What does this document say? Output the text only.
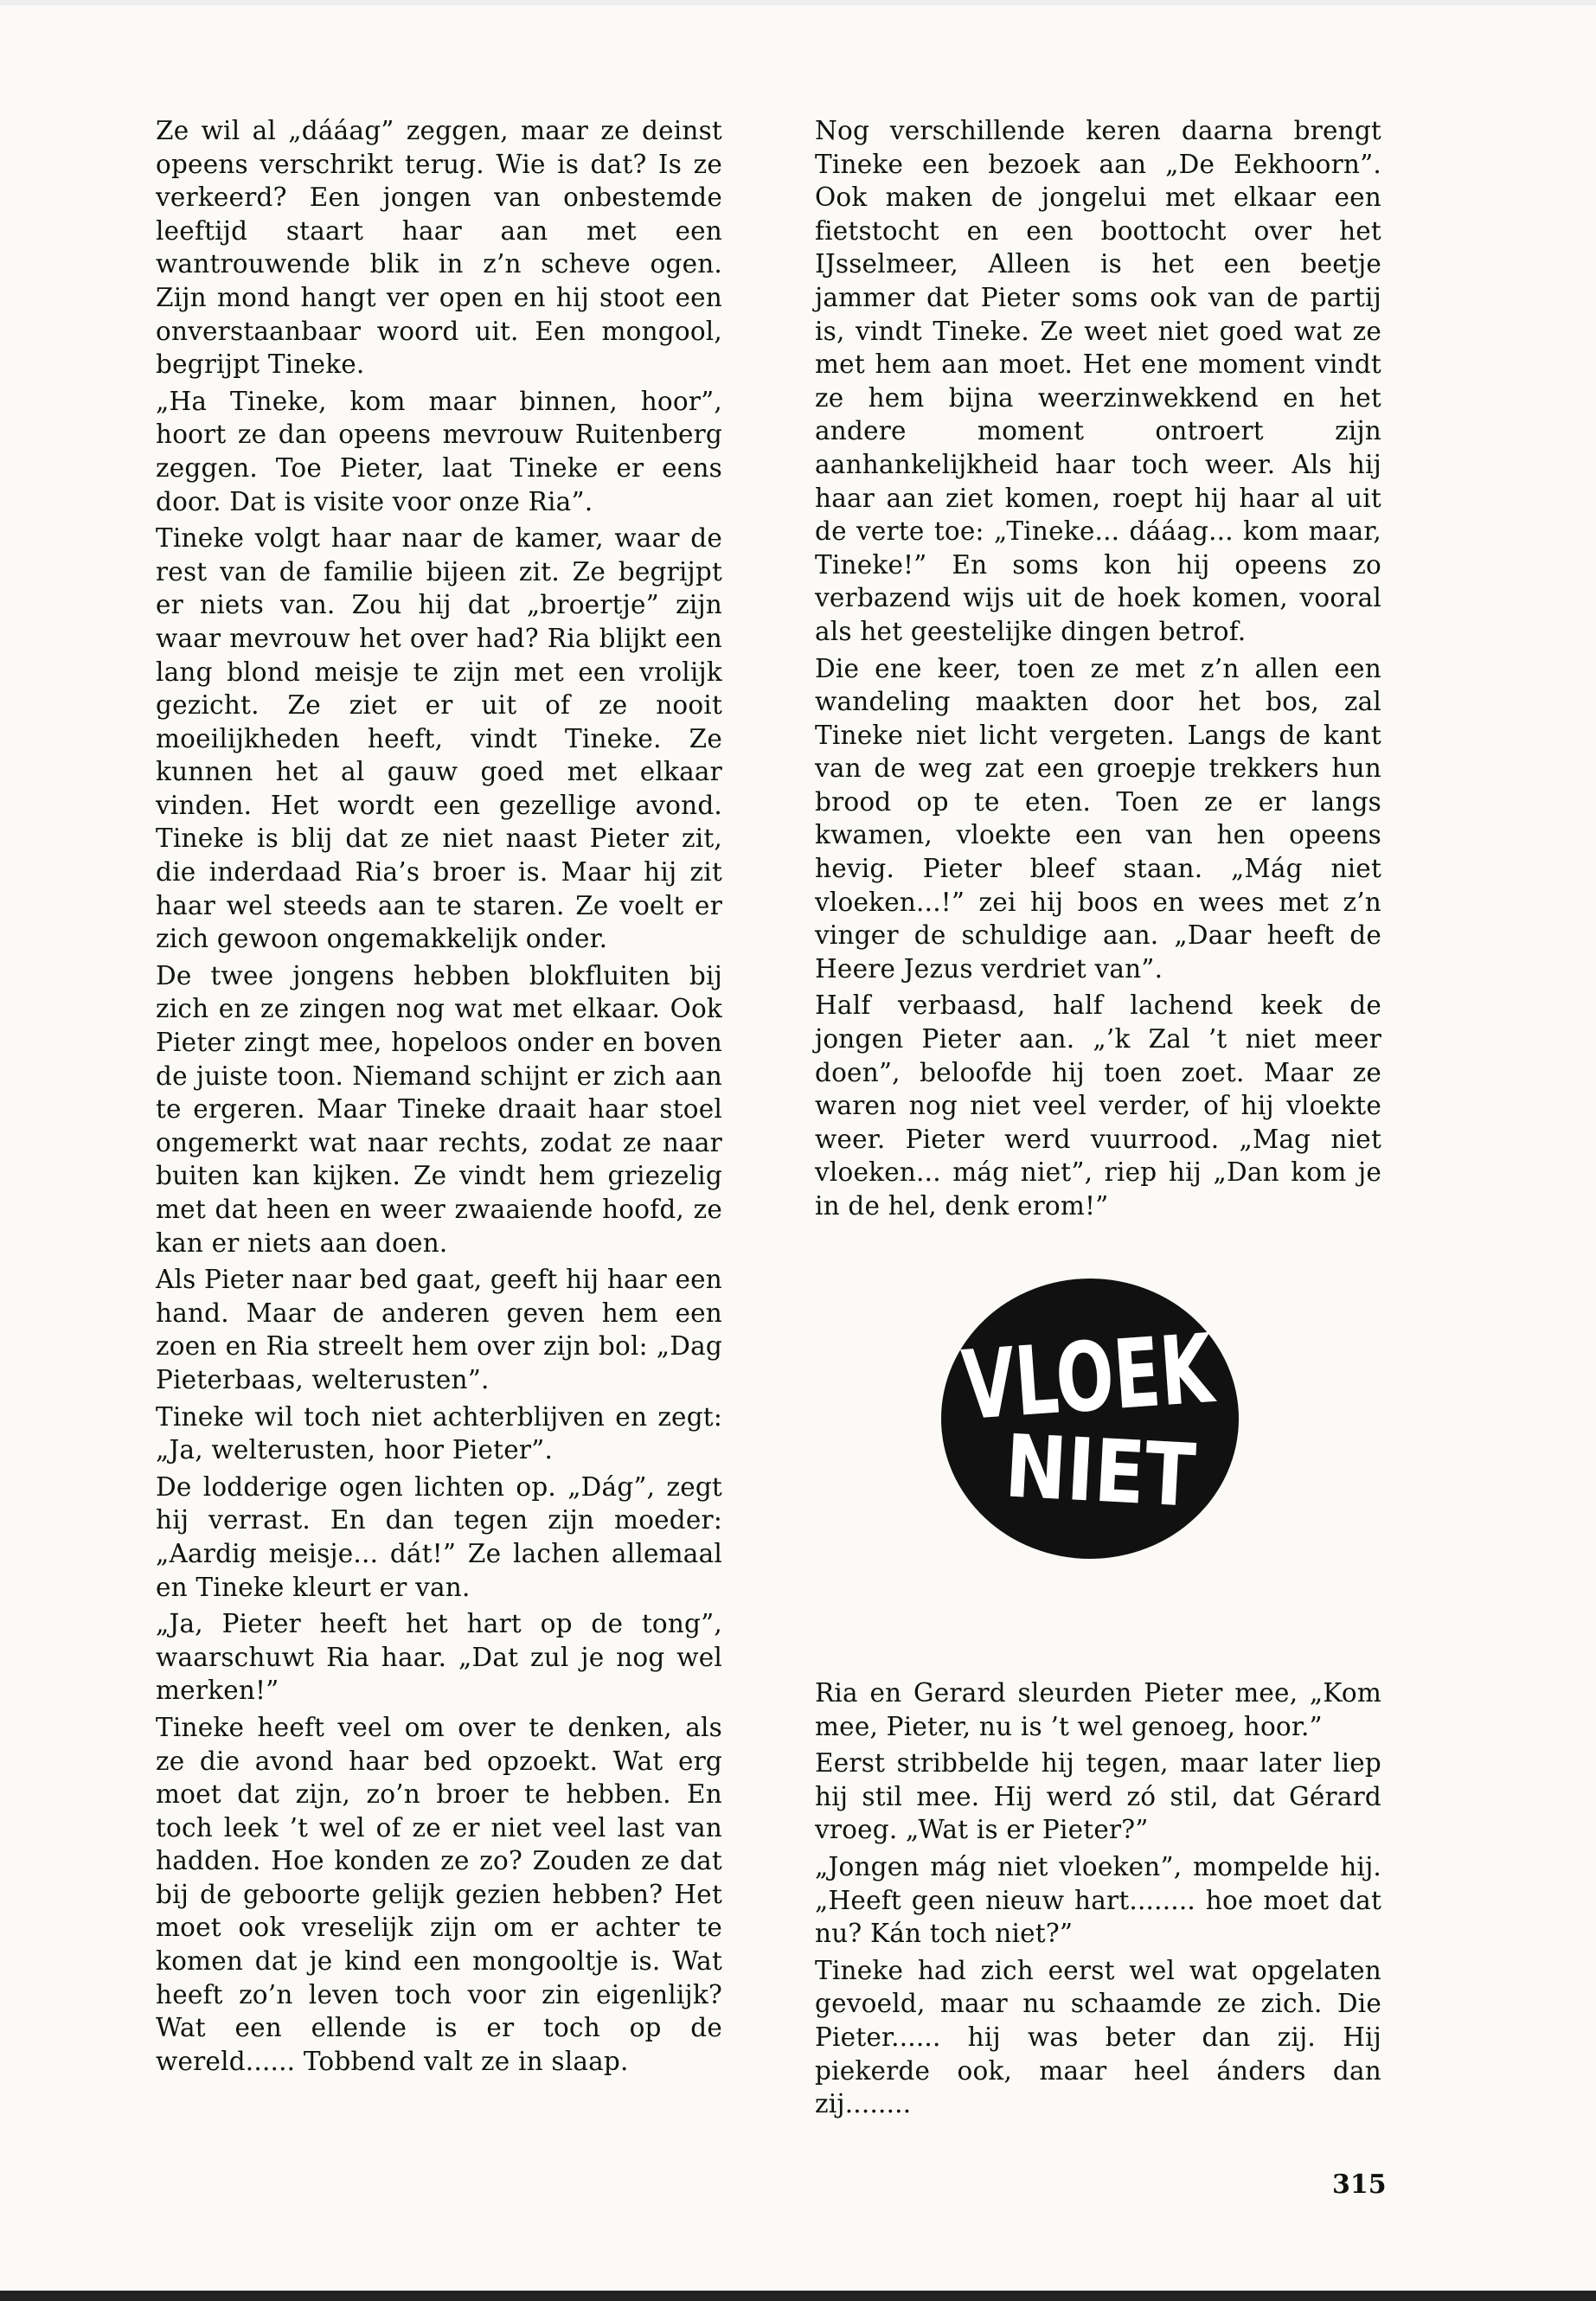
Ze wil al „dááag” zeggen, maar ze deinst opeens verschrikt terug. Wie is dat? Is ze verkeerd? Een jongen van onbestemde leeftijd staart haar aan met een wantrouwende blik in z’n scheve ogen. Zijn mond hangt ver open en hij stoot een onverstaanbaar woord uit. Een mongool, begrijpt Tineke.

„Ha Tineke, kom maar binnen, hoor”, hoort ze dan opeens mevrouw Ruitenberg zeggen. Toe Pieter, laat Tineke er eens door. Dat is visite voor onze Ria”.

Tineke volgt haar naar de kamer, waar de rest van de familie bijeen zit. Ze begrijpt er niets van. Zou hij dat „broertje” zijn waar mevrouw het over had? Ria blijkt een lang blond meisje te zijn met een vrolijk gezicht. Ze ziet er uit of ze nooit moeilijkheden heeft, vindt Tineke. Ze kunnen het al gauw goed met elkaar vinden. Het wordt een gezellige avond. Tineke is blij dat ze niet naast Pieter zit, die inderdaad Ria’s broer is. Maar hij zit haar wel steeds aan te staren. Ze voelt er zich gewoon ongemakkelijk onder.

De twee jongens hebben blokfluiten bij zich en ze zingen nog wat met elkaar. Ook Pieter zingt mee, hopeloos onder en boven de juiste toon. Niemand schijnt er zich aan te ergeren. Maar Tineke draait haar stoel ongemerkt wat naar rechts, zodat ze naar buiten kan kijken. Ze vindt hem griezelig met dat heen en weer zwaaiende hoofd, ze kan er niets aan doen.

Als Pieter naar bed gaat, geeft hij haar een hand. Maar de anderen geven hem een zoen en Ria streelt hem over zijn bol: „Dag Pieterbaas, welterusten”.

Tineke wil toch niet achterblijven en zegt: „Ja, welterusten, hoor Pieter”.

De lodderige ogen lichten op. „Dág”, zegt hij verrast. En dan tegen zijn moeder: „Aardig meisje... dát!” Ze lachen allemaal en Tineke kleurt er van.

„Ja, Pieter heeft het hart op de tong”, waarschuwt Ria haar. „Dat zul je nog wel merken!”

Tineke heeft veel om over te denken, als ze die avond haar bed opzoekt. Wat erg moet dat zijn, zo’n broer te hebben. En toch leek ’t wel of ze er niet veel last van hadden. Hoe konden ze zo? Zouden ze dat bij de geboorte gelijk gezien hebben? Het moet ook vreselijk zijn om er achter te komen dat je kind een mongooltje is. Wat heeft zo’n leven toch voor zin eigenlijk? Wat een ellende is er toch op de wereld...... Tobbend valt ze in slaap.

Nog verschillende keren daarna brengt Tineke een bezoek aan „De Eekhoorn”. Ook maken de jongelui met elkaar een fietstocht en een boottocht over het IJsselmeer, Alleen is het een beetje jammer dat Pieter soms ook van de partij is, vindt Tineke. Ze weet niet goed wat ze met hem aan moet. Het ene moment vindt ze hem bijna weerzinwekkend en het andere moment ontroert zijn aanhankelijkheid haar toch weer. Als hij haar aan ziet komen, roept hij haar al uit de verte toe: „Tineke... dááag... kom maar, Tineke!” En soms kon hij opeens zo verbazend wijs uit de hoek komen, vooral als het geestelijke dingen betrof.

Die ene keer, toen ze met z’n allen een wandeling maakten door het bos, zal Tineke niet licht vergeten. Langs de kant van de weg zat een groepje trekkers hun brood op te eten. Toen ze er langs kwamen, vloekte een van hen opeens hevig. Pieter bleef staan. „Mág niet vloeken...!” zei hij boos en wees met z’n vinger de schuldige aan. „Daar heeft de Heere Jezus verdriet van”.

Half verbaasd, half lachend keek de jongen Pieter aan. „’k Zal ’t niet meer doen”, beloofde hij toen zoet. Maar ze waren nog niet veel verder, of hij vloekte weer. Pieter werd vuurrood. „Mag niet vloeken... mág niet”, riep hij „Dan kom je in de hel, denk erom!”

VLOEK
NIET

Ria en Gerard sleurden Pieter mee, „Kom mee, Pieter, nu is ’t wel genoeg, hoor.”

Eerst stribbelde hij tegen, maar later liep hij stil mee. Hij werd zó stil, dat Gérard vroeg. „Wat is er Pieter?”

„Jongen mág niet vloeken”, mompelde hij. „Heeft geen nieuw hart........ hoe moet dat nu? Kán toch niet?”

Tineke had zich eerst wel wat opgelaten gevoeld, maar nu schaamde ze zich. Die Pieter...... hij was beter dan zij. Hij piekerde ook, maar heel ánders dan zij........

315
